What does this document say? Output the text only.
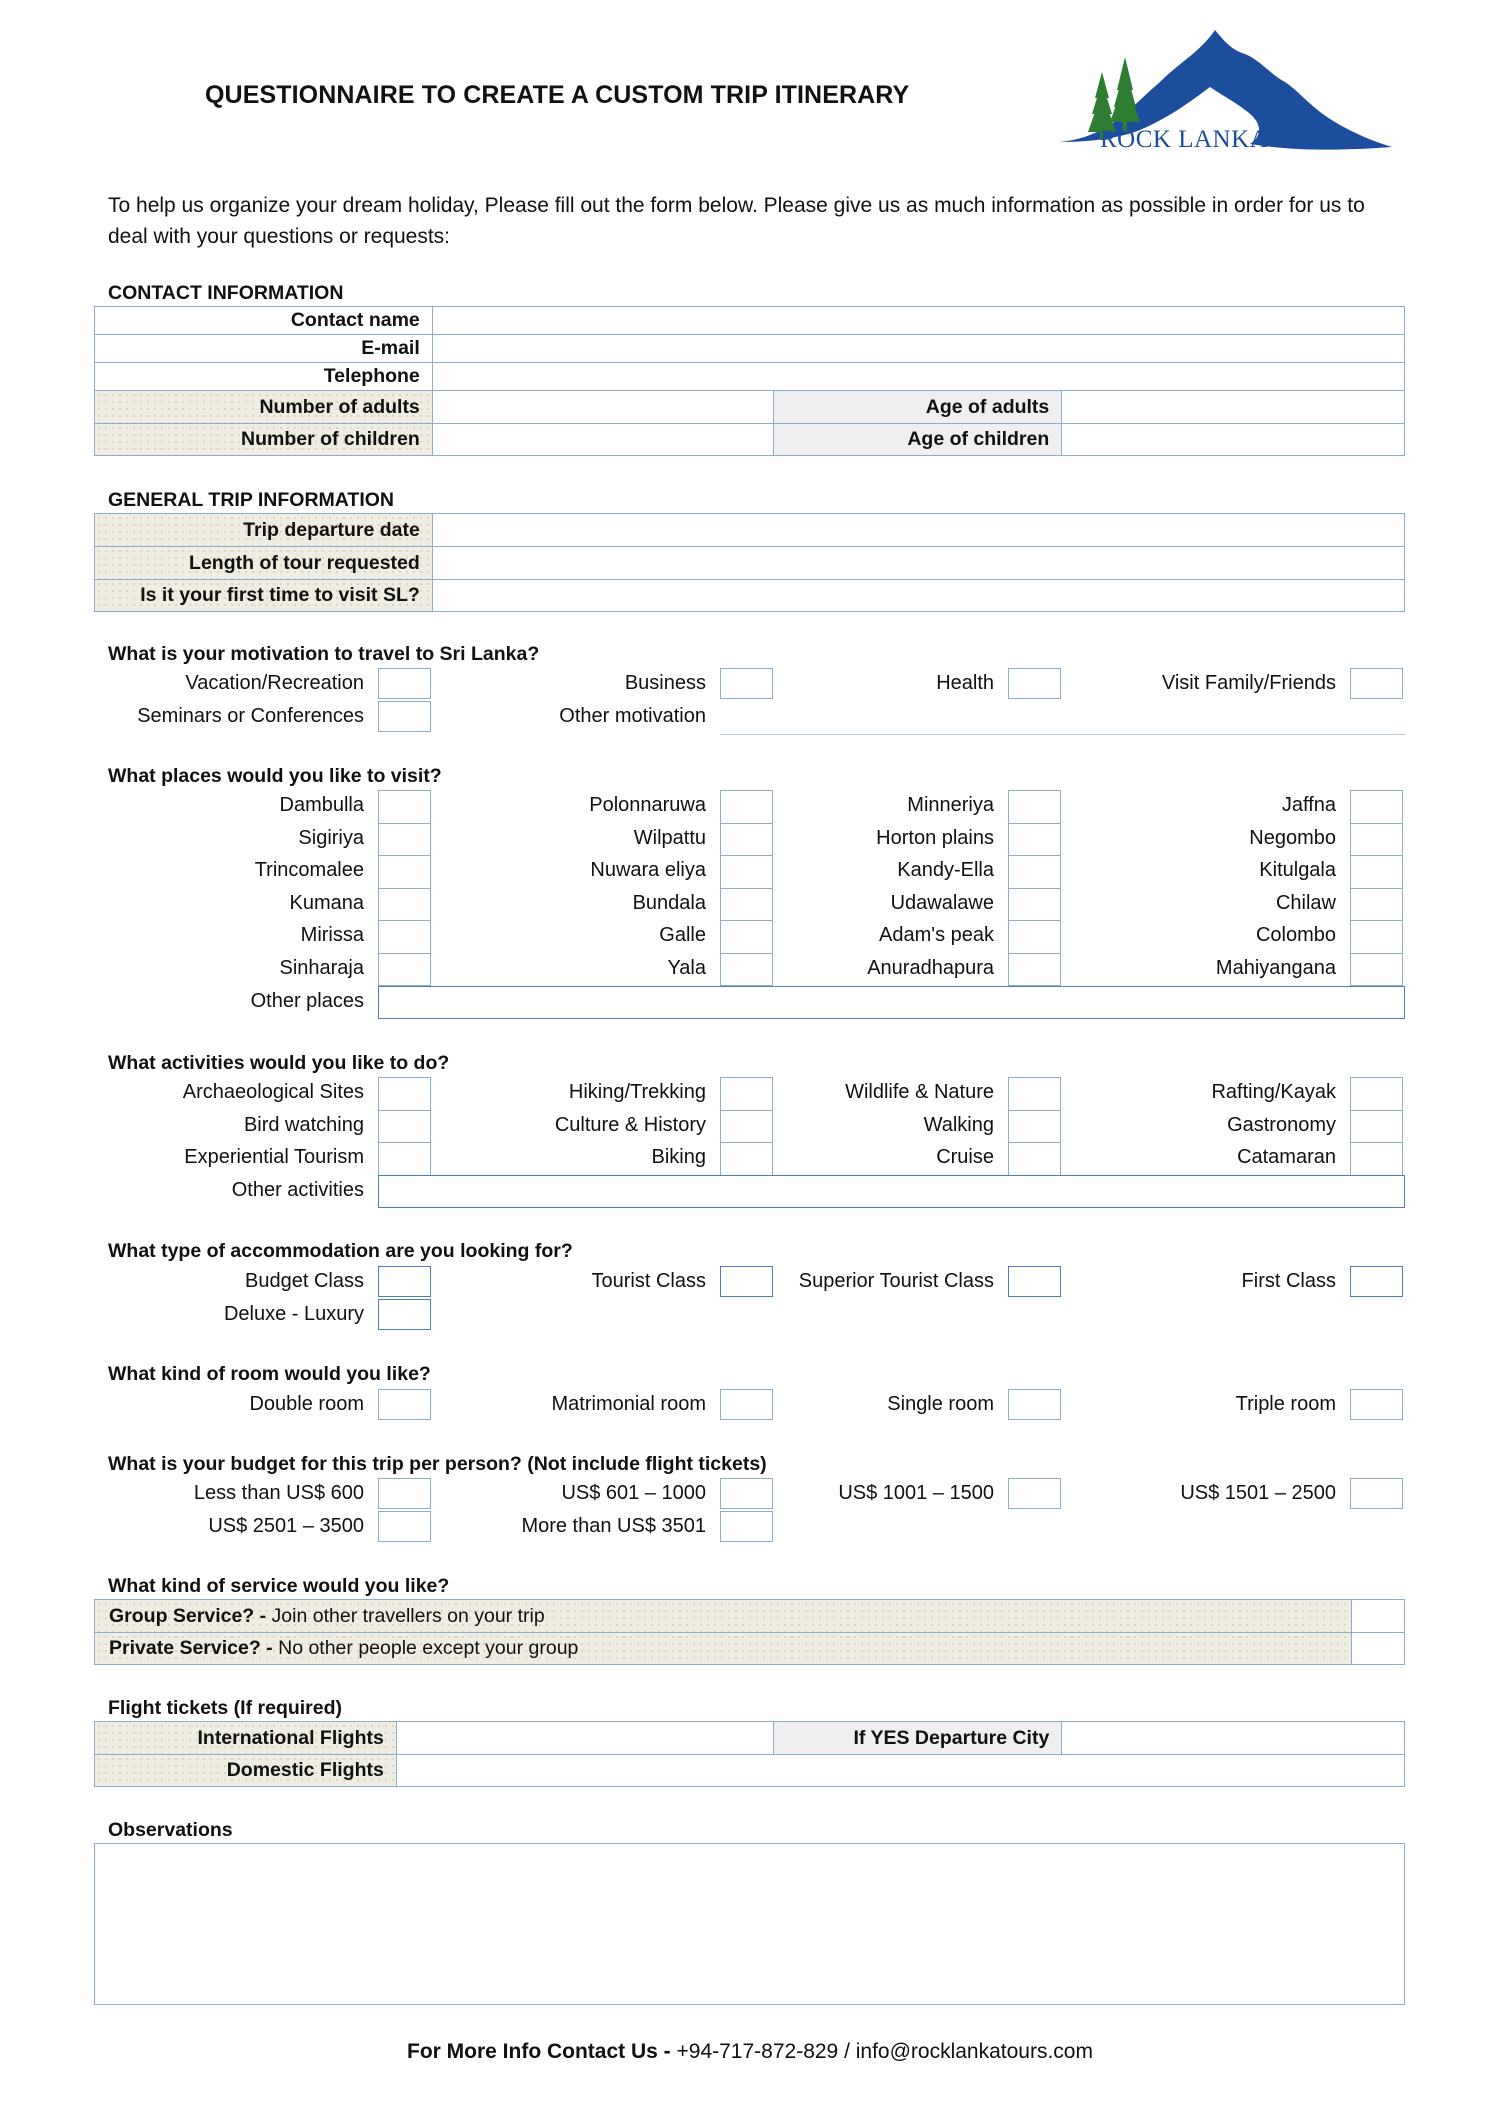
QUESTIONNAIRE TO CREATE A CUSTOM TRIP ITINERARY
ROCK LANKA
To help us organize your dream holiday, Please fill out the form below. Please give us as much information as possible in order for us to deal with your questions or requests:
CONTACT INFORMATION
Contact name			
E-mail			
Telephone			
Number of adults		Age of adults	
Number of children		Age of children	
GENERAL TRIP INFORMATION
Trip departure date	
Length of tour requested	
Is it your first time to visit SL?	
What is your motivation to travel to Sri Lanka?
Vacation/Recreation	Business	Health	Visit Family/Friends
Seminars or Conferences	Other motivation
What places would you like to visit?
Dambulla	Polonnaruwa	Minneriya	Jaffna
Sigiriya	Wilpattu	Horton plains	Negombo
Trincomalee	Nuwara eliya	Kandy-Ella	Kitulgala
Kumana	Bundala	Udawalawe	Chilaw
Mirissa	Galle	Adam's peak	Colombo
Sinharaja	Yala	Anuradhapura	Mahiyangana
Other places
What activities would you like to do?
Archaeological Sites	Hiking/Trekking	Wildlife & Nature	Rafting/Kayak
Bird watching	Culture & History	Walking	Gastronomy
Experiential Tourism	Biking	Cruise	Catamaran
Other activities
What type of accommodation are you looking for?
Budget Class	Tourist Class	Superior Tourist Class	First Class
Deluxe - Luxury
What kind of room would you like?
Double room	Matrimonial room	Single room	Triple room
What is your budget for this trip per person? (Not include flight tickets)
Less than US$ 600	US$ 601 – 1000	US$ 1001 – 1500	US$ 1501 – 2500
US$ 2501 – 3500	More than US$ 3501
What kind of service would you like?
Group Service? - Join other travellers on your trip	
Private Service? - No other people except your group	
Flight tickets (If required)
International Flights		If YES Departure City	
Domestic Flights			
Observations
For More Info Contact Us - +94-717-872-829 / info@rocklankatours.com
